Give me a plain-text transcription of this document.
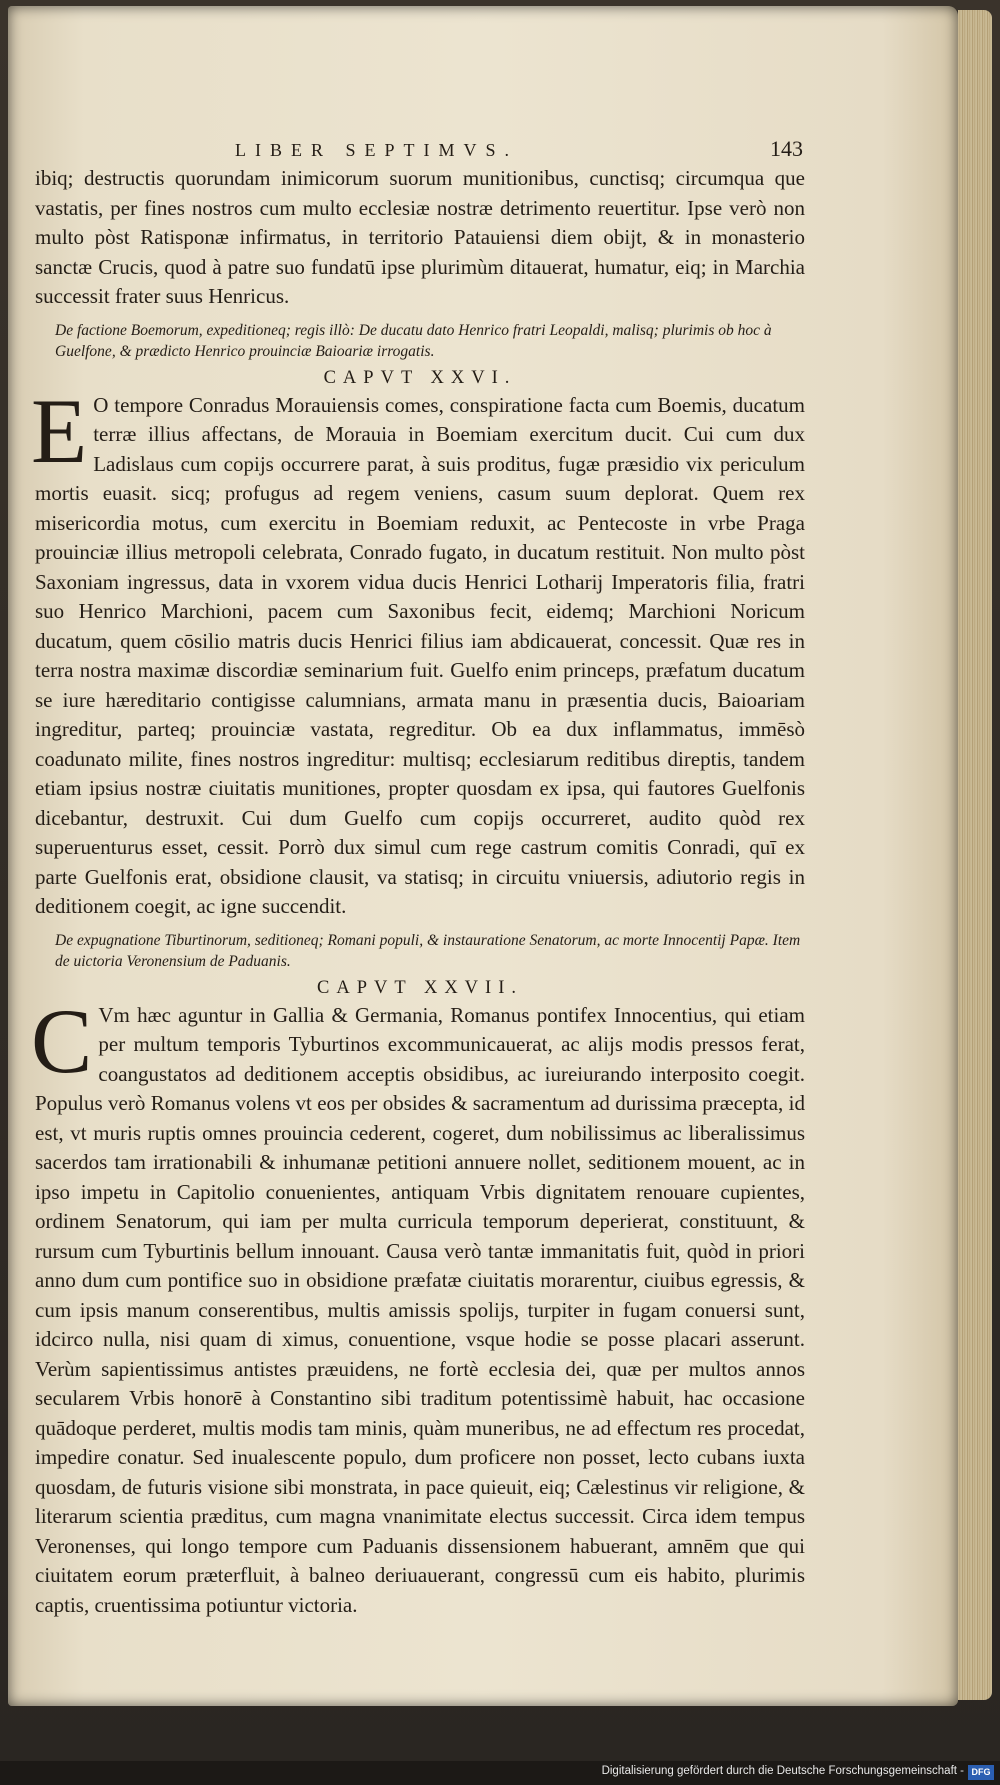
LIBER SEPTIMVS.	143

ibiq; destructis quorundam inimicorum suorum munitionibus, cunctisq; circumqua que vastatis, per fines nostros cum multo ecclesiæ nostræ detrimento reuertitur. Ipse verò non multo pòst Ratisponæ infirmatus, in territorio Patauiensi diem obijt, & in monasterio sanctæ Crucis, quod à patre suo fundatū ipse plurimùm ditauerat, humatur, eiq; in Marchia successit frater suus Henricus.

De factione Boemorum, expeditioneq; regis illò: De ducatu dato Henrico fratri Leopaldi, malisq; plurimis ob hoc à Guelfone, & prædicto Henrico prouinciæ Baioariæ irrogatis.

CAPVT XXVI.

E O tempore Conradus Morauiensis comes, conspiratione facta cum Boemis, ducatum terræ illius affectans, de Morauia in Boemiam exercitum ducit. Cui cum dux Ladislaus cum copijs occurrere parat, à suis proditus, fugæ præsidio vix periculum mortis euasit. sicq; profugus ad regem veniens, casum suum deplorat. Quem rex misericordia motus, cum exercitu in Boemiam reduxit, ac Pentecoste in vrbe Praga prouinciæ illius metropoli celebrata, Conrado fugato, in ducatum restituit. Non multo pòst Saxoniam ingressus, data in vxorem vidua ducis Henrici Lotharij Imperatoris filia, fratri suo Henrico Marchioni, pacem cum Saxonibus fecit, eidemq; Marchioni Noricum ducatum, quem cōsilio matris ducis Henrici filius iam abdicauerat, concessit. Quæ res in terra nostra maximæ discordiæ seminarium fuit. Guelfo enim princeps, præfatum ducatum se iure hæreditario contigisse calumnians, armata manu in præsentia ducis, Baioariam ingreditur, parteq; prouinciæ vastata, regreditur. Ob ea dux inflammatus, immēsò coadunato milite, fines nostros ingreditur: multisq; ecclesiarum reditibus direptis, tandem etiam ipsius nostræ ciuitatis munitiones, propter quosdam ex ipsa, qui fautores Guelfonis dicebantur, destruxit. Cui dum Guelfo cum copijs occurreret, audito quòd rex superuenturus esset, cessit. Porrò dux simul cum rege castrum comitis Conradi, quī ex parte Guelfonis erat, obsidione clausit, va statisq; in circuitu vniuersis, adiutorio regis in deditionem coegit, ac igne succendit.

De expugnatione Tiburtinorum, seditioneq; Romani populi, & instauratione Senatorum, ac morte Innocentij Papæ. Item de uictoria Veronensium de Paduanis.

CAPVT XXVII.

C Vm hæc aguntur in Gallia & Germania, Romanus pontifex Innocentius, qui etiam per multum temporis Tyburtinos excommunicauerat, ac alijs modis pressos ferat, coangustatos ad deditionem acceptis obsidibus, ac iureiurando interposito coegit. Populus verò Romanus volens vt eos per obsides & sacramentum ad durissima præcepta, id est, vt muris ruptis omnes prouincia cederent, cogeret, dum nobilissimus ac liberalissimus sacerdos tam irrationabili & inhumanæ petitioni annuere nollet, seditionem mouent, ac in ipso impetu in Capitolio conuenientes, antiquam Vrbis dignitatem renouare cupientes, ordinem Senatorum, qui iam per multa curricula temporum deperierat, constituunt, & rursum cum Tyburtinis bellum innouant. Causa verò tantæ immanitatis fuit, quòd in priori anno dum cum pontifice suo in obsidione præfatæ ciuitatis morarentur, ciuibus egressis, & cum ipsis manum conserentibus, multis amissis spolijs, turpiter in fugam conuersi sunt, idcirco nulla, nisi quam di ximus, conuentione, vsque hodie se posse placari asserunt. Verùm sapientissimus antistes præuidens, ne fortè ecclesia dei, quæ per multos annos secularem Vrbis honorē à Constantino sibi traditum potentissimè habuit, hac occasione quādoque perderet, multis modis tam minis, quàm muneribus, ne ad effectum res procedat, impedire conatur. Sed inualescente populo, dum proficere non posset, lecto cubans iuxta quosdam, de futuris visione sibi monstrata, in pace quieuit, eiq; Cælestinus vir religione, & literarum scientia præditus, cum magna vnanimitate electus successit. Circa idem tempus Veronenses, qui longo tempore cum Paduanis dissensionem habuerant, amnēm que qui ciuitatem eorum præterfluit, à balneo deriuauerant, congressū cum eis habito, plurimis captis, cruentissima potiuntur victoria.

Digitalisierung gefördert durch die Deutsche Forschungsgemeinschaft - DFG
